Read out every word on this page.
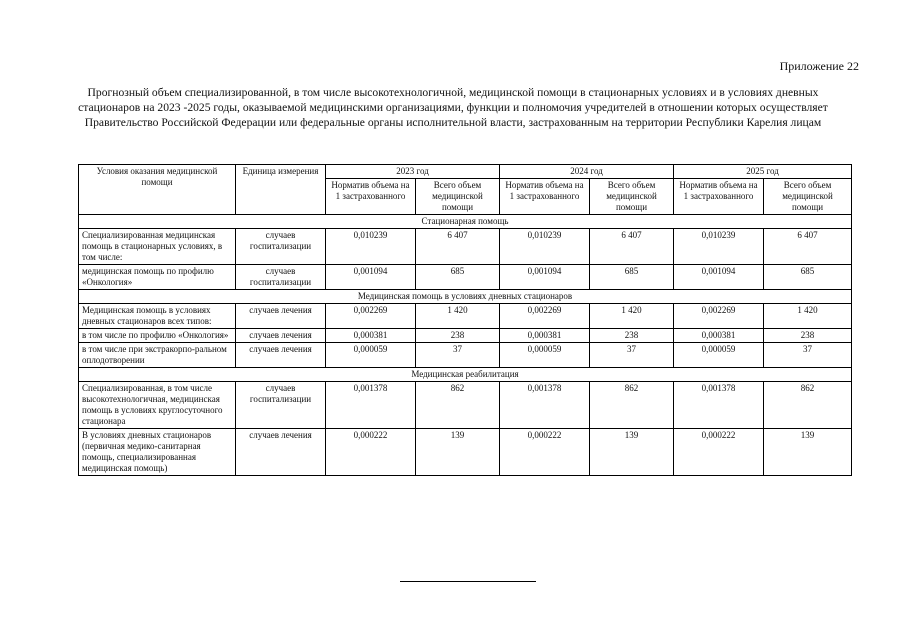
Приложение 22
Прогнозный объем специализированной, в том числе высокотехнологичной, медицинской помощи в стационарных условиях и в условиях дневных стационаров на 2023 -2025 годы, оказываемой медицинскими организациями, функции и полномочия учредителей в отношении которых осуществляет Правительство Российской Федерации или федеральные органы исполнительной власти, застрахованным на территории Республики Карелия лицам
Условия оказания медицинской помощи	Единица измерения	2023 год		2024 год		2025 год	
		Норматив объема на 1 застрахованного	Всего объем медицинской помощи	Норматив объема на 1 застрахованного	Всего объем медицинской помощи	Норматив объема на 1 застрахованного	Всего объем медицинской помощи
Стационарная помощь							
Специализированная медицинская помощь в стационарных условиях, в том числе:	случаев госпитализации	0,010239	6 407	0,010239	6 407	0,010239	6 407
медицинская помощь по профилю «Онкология»	случаев госпитализации	0,001094	685	0,001094	685	0,001094	685
Медицинская помощь в условиях дневных стационаров							
Медицинская помощь в условиях дневных стационаров всех типов:	случаев лечения	0,002269	1 420	0,002269	1 420	0,002269	1 420
в том числе по профилю «Онкология»	случаев лечения	0,000381	238	0,000381	238	0,000381	238
в том числе при экстракорпо-ральном оплодотворении	случаев лечения	0,000059	37	0,000059	37	0,000059	37
Медицинская реабилитация							
Специализированная, в том числе высокотехнологичная, медицинская помощь в условиях круглосуточного стационара	случаев госпитализации	0,001378	862	0,001378	862	0,001378	862
В условиях дневных стационаров (первичная медико-санитарная помощь, специализированная медицинская помощь)	случаев лечения	0,000222	139	0,000222	139	0,000222	139
